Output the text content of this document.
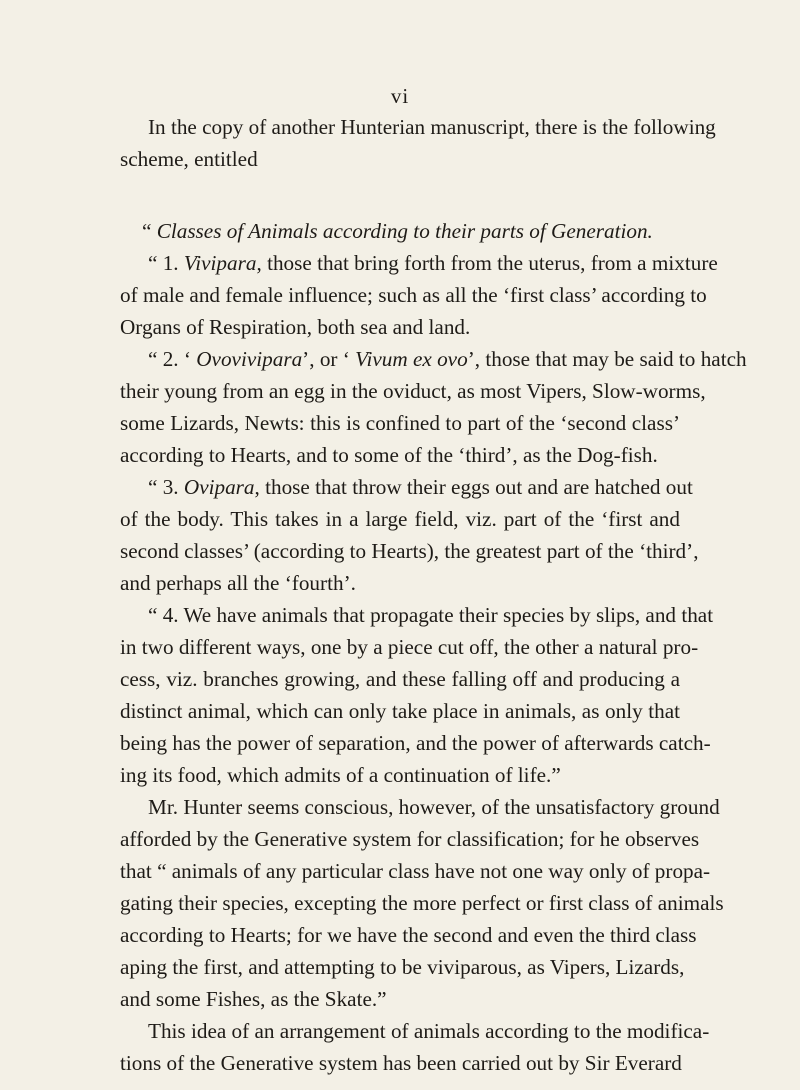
vi
In the copy of another Hunterian manuscript, there is the following
scheme, entitled
“ Classes of Animals according to their parts of Generation.
“ 1. Vivipara, those that bring forth from the uterus, from a mixture
of male and female influence; such as all the ‘first class’ according to
Organs of Respiration, both sea and land.
“ 2. ‘ Ovovivipara’, or ‘ Vivum ex ovo’, those that may be said to hatch
their young from an egg in the oviduct, as most Vipers, Slow-worms,
some Lizards, Newts: this is confined to part of the ‘second class’
according to Hearts, and to some of the ‘third’, as the Dog-fish.
“ 3. Ovipara, those that throw their eggs out and are hatched out
of the body. This takes in a large field, viz. part of the ‘first and
second classes’ (according to Hearts), the greatest part of the ‘third’,
and perhaps all the ‘fourth’.
“ 4. We have animals that propagate their species by slips, and that
in two different ways, one by a piece cut off, the other a natural pro-
cess, viz. branches growing, and these falling off and producing a
distinct animal, which can only take place in animals, as only that
being has the power of separation, and the power of afterwards catch-
ing its food, which admits of a continuation of life.”
Mr. Hunter seems conscious, however, of the unsatisfactory ground
afforded by the Generative system for classification; for he observes
that “ animals of any particular class have not one way only of propa-
gating their species, excepting the more perfect or first class of animals
according to Hearts; for we have the second and even the third class
aping the first, and attempting to be viviparous, as Vipers, Lizards,
and some Fishes, as the Skate.”
This idea of an arrangement of animals according to the modifica-
tions of the Generative system has been carried out by Sir Everard
